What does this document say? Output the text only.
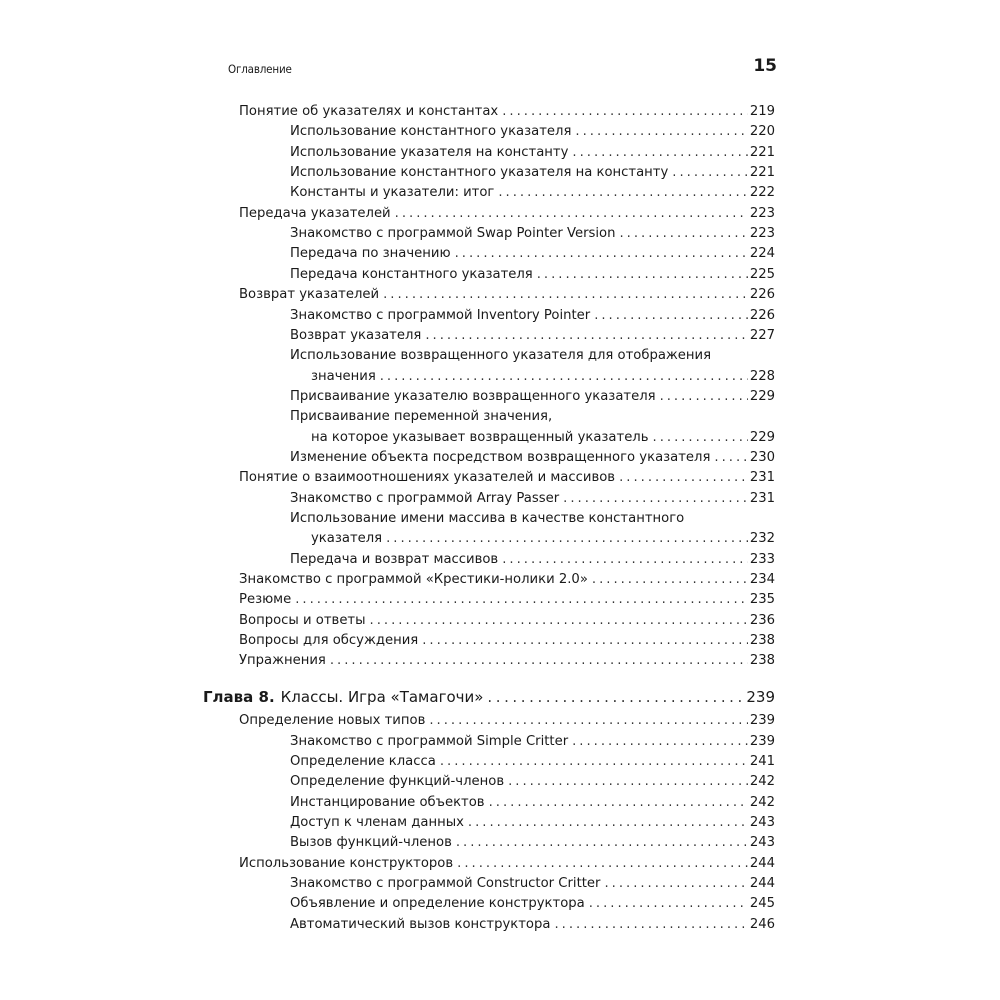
Оглавление	15
Понятие об указателях и константах . . .	219
Использование константного указателя . . .	220
Использование указателя на константу . . .	221
Использование константного указателя на константу . . .	221
Константы и указатели: итог . . .	222
Передача указателей . . .	223
Знакомство с программой Swap Pointer Version . . .	223
Передача по значению . . .	224
Передача константного указателя . . .	225
Возврат указателей . . .	226
Знакомство с программой Inventory Pointer . . .	226
Возврат указателя . . .	227
Использование возвращенного указателя для отображения
значения . . .	228
Присваивание указателю возвращенного указателя . . .	229
Присваивание переменной значения,
на которое указывает возвращенный указатель . . .	229
Изменение объекта посредством возвращенного указателя . . .	230
Понятие о взаимоотношениях указателей и массивов . . .	231
Знакомство с программой Array Passer . . .	231
Использование имени массива в качестве константного
указателя . . .	232
Передача и возврат массивов . . .	233
Знакомство с программой «Крестики-нолики 2.0» . . .	234
Резюме . . .	235
Вопросы и ответы . . .	236
Вопросы для обсуждения . . .	238
Упражнения . . .	238
Глава 8. Классы. Игра «Тамагочи» . . .	239
Определение новых типов . . .	239
Знакомство с программой Simple Critter . . .	239
Определение класса . . .	241
Определение функций-членов . . .	242
Инстанцирование объектов . . .	242
Доступ к членам данных . . .	243
Вызов функций-членов . . .	243
Использование конструкторов . . .	244
Знакомство с программой Constructor Critter . . .	244
Объявление и определение конструктора . . .	245
Автоматический вызов конструктора . . .	246
